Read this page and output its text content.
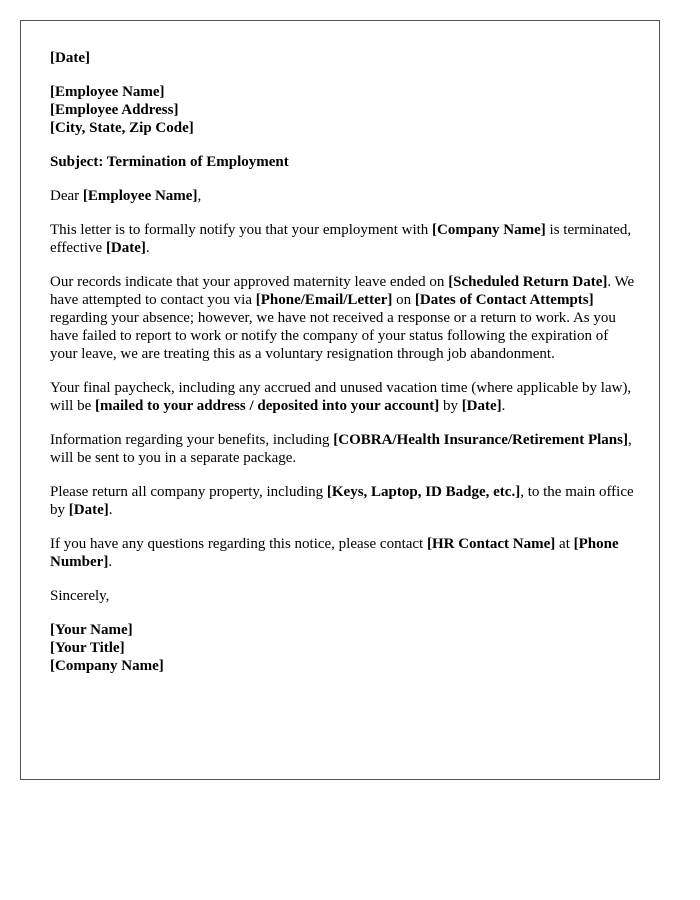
[Date]
[Employee Name]
[Employee Address]
[City, State, Zip Code]
Subject: Termination of Employment
Dear [Employee Name],
This letter is to formally notify you that your employment with [Company Name] is terminated, effective [Date].
Our records indicate that your approved maternity leave ended on [Scheduled Return Date]. We have attempted to contact you via [Phone/Email/Letter] on [Dates of Contact Attempts] regarding your absence; however, we have not received a response or a return to work. As you have failed to report to work or notify the company of your status following the expiration of your leave, we are treating this as a voluntary resignation through job abandonment.
Your final paycheck, including any accrued and unused vacation time (where applicable by law), will be [mailed to your address / deposited into your account] by [Date].
Information regarding your benefits, including [COBRA/Health Insurance/Retirement Plans], will be sent to you in a separate package.
Please return all company property, including [Keys, Laptop, ID Badge, etc.], to the main office by [Date].
If you have any questions regarding this notice, please contact [HR Contact Name] at [Phone Number].
Sincerely,
[Your Name]
[Your Title]
[Company Name]
